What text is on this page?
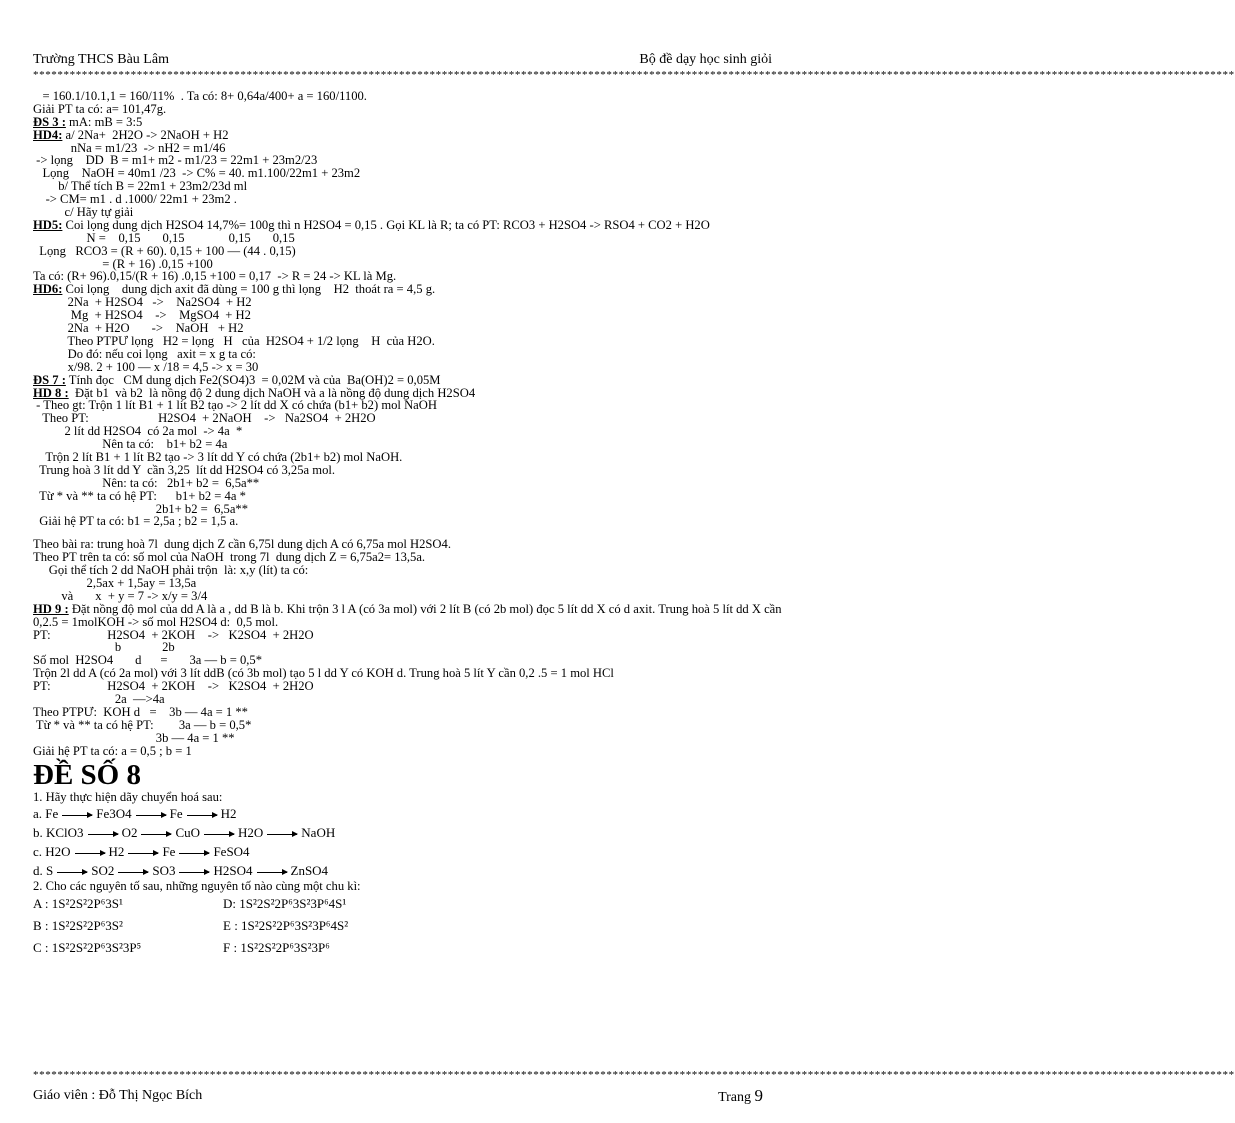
Trường THCS Bàu Lâm	Bộ đề dạy học sinh giỏi
*****************************************************************************************************************************************************************************************************
= 160.1/10.1,1 = 160/11%  . Ta có: 8+ 0,64a/400+ a = 160/1100.
Giải PT ta có: a= 101,47g.
ĐS 3 : mA: mB = 3:5
HD4: a/ 2Na+  2H2O -> 2NaOH + H2
nNa = m1/23  -> nH2 = m1/46
-> lọng    DD  B = m1+ m2 - m1/23 = 22m1 + 23m2/23
Lọng    NaOH = 40m1 /23  -> C% = 40. m1.100/22m1 + 23m2
b/ Thể tích B = 22m1 + 23m2/23d ml
-> CM= m1 . d .1000/ 22m1 + 23m2 .
c/ Hãy tự giải
HD5: Coi lọng dung dịch H2SO4 14,7%= 100g thì n H2SO4 = 0,15 . Gọi KL là R; ta có PT: RCO3 + H2SO4 -> RSO4 + CO2 + H2O
N =    0,15       0,15              0,15       0,15
Lọng   RCO3 = (R + 60). 0,15 + 100 — (44 . 0,15)
= (R + 16) .0,15 +100
Ta có: (R+ 96).0,15/(R + 16) .0,15 +100 = 0,17  -> R = 24 -> KL là Mg.
HD6: Coi lọng    dung dịch axit đã dùng = 100 g thì lọng    H2  thoát ra = 4,5 g.
2Na  + H2SO4   ->    Na2SO4  + H2
Mg  + H2SO4    ->    MgSO4  + H2
2Na  + H2O       ->    NaOH   + H2
Theo PTPƯ lọng   H2 = lọng   H   của  H2SO4 + 1/2 lọng    H  của H2O.
Do đó: nếu coi lọng   axit = x g ta có:
x/98. 2 + 100 — x /18 = 4,5 -> x = 30
ĐS 7 : Tính đọc   CM dung dịch Fe2(SO4)3  = 0,02M và của  Ba(OH)2 = 0,05M
HD 8 :  Đặt b1  và b2  là nồng độ 2 dung dịch NaOH và a là nồng độ dung dịch H2SO4
- Theo gt: Trộn 1 lít B1 + 1 lít B2 tạo -> 2 lít dd X có chứa (b1+ b2) mol NaOH
Theo PT:                      H2SO4  + 2NaOH    ->   Na2SO4  + 2H2O
2 lít dd H2SO4  có 2a mol  -> 4a  *
Nên ta có:    b1+ b2 = 4a
Trộn 2 lít B1 + 1 lít B2 tạo -> 3 lít dd Y có chứa (2b1+ b2) mol NaOH.
Trung hoà 3 lít dd Y  cần 3,25  lít dd H2SO4 có 3,25a mol.
Nên: ta có:   2b1+ b2 =  6,5a**
Từ * và ** ta có hệ PT:      b1+ b2 = 4a *
2b1+ b2 =  6,5a**
Giải hệ PT ta có: b1 = 2,5a ; b2 = 1,5 a.
Theo bài ra: trung hoà 7l  dung dịch Z cần 6,75l dung dịch A có 6,75a mol H2SO4.
Theo PT trên ta có: số mol của NaOH  trong 7l  dung dịch Z = 6,75a2= 13,5a.
Gọi thể tích 2 dd NaOH phải trộn  là: x,y (lít) ta có:
2,5ax + 1,5ay = 13,5a
và       x  + y = 7 -> x/y = 3/4
HD 9 : Đặt nồng độ mol của dd A là a , dd B là b. Khi trộn 3 l A (có 3a mol) với 2 lít B (có 2b mol) đọc 5 lít dd X có d axit. Trung hoà 5 lít dd X cần
0,2.5 = 1molKOH -> số mol H2SO4 d:  0,5 mol.
PT:                  H2SO4  + 2KOH    ->   K2SO4  + 2H2O
b             2b
Số mol  H2SO4       d      =       3a — b = 0,5*
Trộn 2l dd A (có 2a mol) với 3 lít ddB (có 3b mol) tạo 5 l dd Y có KOH d. Trung hoà 5 lít Y cần 0,2 .5 = 1 mol HCl
PT:                  H2SO4  + 2KOH    ->   K2SO4  + 2H2O
2a  —>4a
Theo PTPƯ:  KOH d   =    3b — 4a = 1 **
Từ * và ** ta có hệ PT:        3a — b = 0,5*
3b — 4a = 1 **
Giải hệ PT ta có: a = 0,5 ; b = 1
ĐỀ SỐ 8
1. Hãy thực hiện dãy chuyển hoá sau:
a. Fe	Fe3O4	Fe	H2
b. KClO3	O2	CuO	H2O	NaOH
c. H2O	H2	Fe	FeSO4
d. S	SO2	SO3	H2SO4	ZnSO4
2. Cho các nguyên tố sau, những nguyên tố nào cùng một chu kì:
A : 1S²2S²2P⁶3S¹	D: 1S²2S²2P⁶3S²3P⁶4S¹
B : 1S²2S²2P⁶3S²	E : 1S²2S²2P⁶3S²3P⁶4S²
C : 1S²2S²2P⁶3S²3P⁵	F : 1S²2S²2P⁶3S²3P⁶
*****************************************************************************************************************************************************************************************************
Giáo viên : Đỗ Thị Ngọc Bích	Trang 9
